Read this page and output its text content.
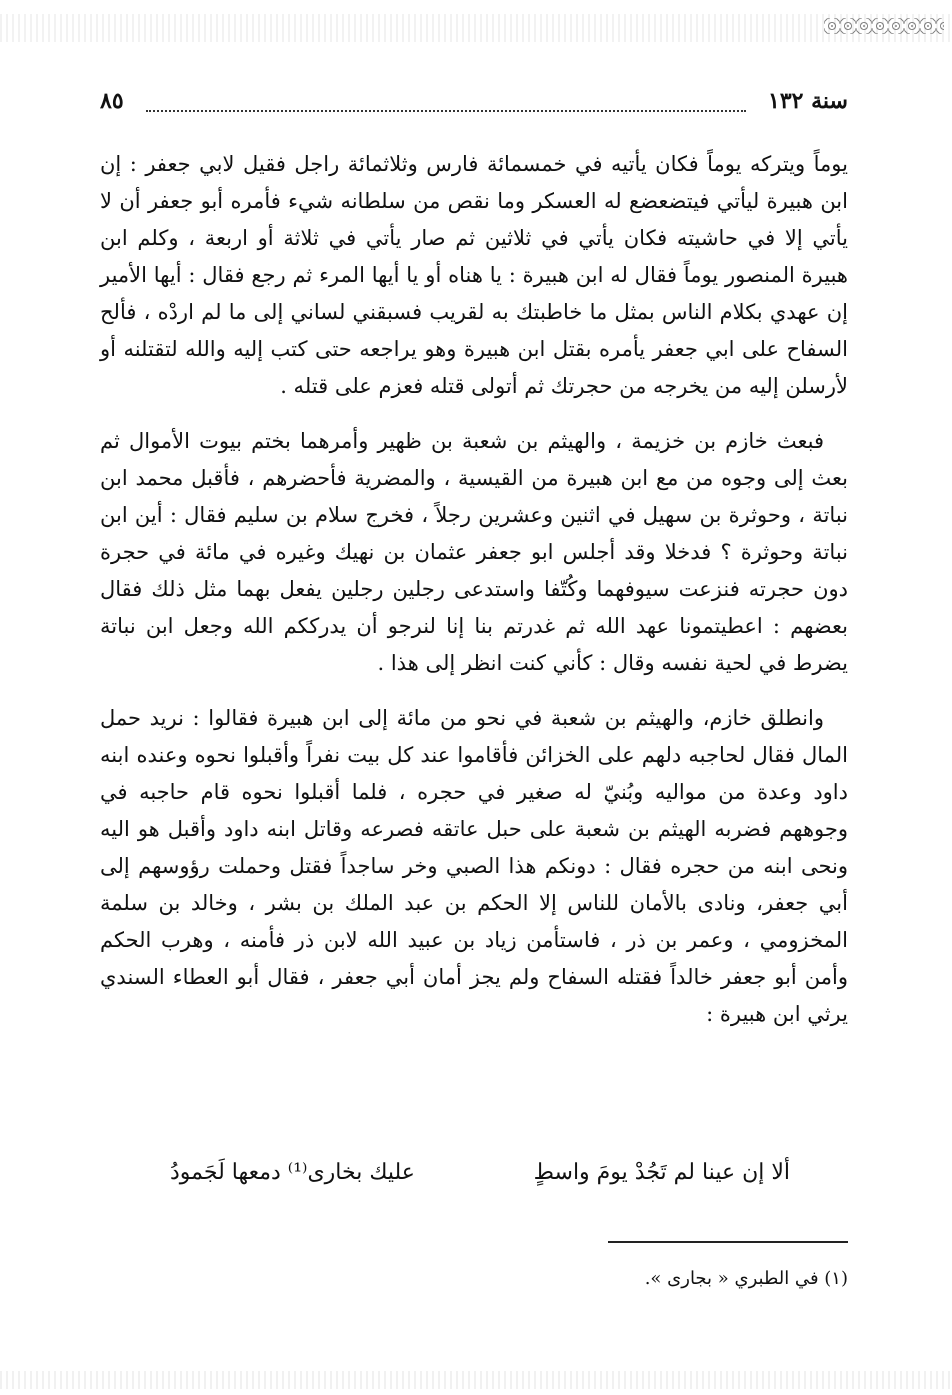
سنة ١٣٢
٨٥

يوماً ويتركه يوماً فكان يأتيه في خمسمائة فارس وثلاثمائة راجل فقيل لابي جعفر : إن ابن هبيرة ليأتي فيتضعضع له العسكر وما نقص من سلطانه شيء فأمره أبو جعفر أن لا يأتي إلا في حاشيته فكان يأتي في ثلاثين ثم صار يأتي في ثلاثة أو اربعة ، وكلم ابن هبيرة المنصور يوماً فقال له ابن هبيرة : يا هناه أو يا أيها المرء ثم رجع فقال : أيها الأمير إن عهدي بكلام الناس بمثل ما خاطبتك به لقريب فسبقني لساني إلى ما لم اردْه ، فألح السفاح على ابي جعفر يأمره بقتل ابن هبيرة وهو يراجعه حتى كتب إليه والله لتقتلنه أو لأرسلن إليه من يخرجه من حجرتك ثم أتولى قتله فعزم على قتله .

فبعث خازم بن خزيمة ، والهيثم بن شعبة بن ظهير وأمرهما بختم بيوت الأموال ثم بعث إلى وجوه من مع ابن هبيرة من القيسية ، والمضرية فأحضرهم ، فأقبل محمد ابن نباتة ، وحوثرة بن سهيل في اثنين وعشرين رجلاً ، فخرج سلام بن سليم فقال : أين ابن نباتة وحوثرة ؟ فدخلا وقد أجلس ابو جعفر عثمان بن نهيك وغيره في مائة في حجرة دون حجرته فنزعت سيوفهما وكُتّفا واستدعى رجلين رجلين يفعل بهما مثل ذلك فقال بعضهم : اعطيتمونا عهد الله ثم غدرتم بنا إنا لنرجو أن يدرككم الله وجعل ابن نباتة يضرط في لحية نفسه وقال : كأني كنت انظر إلى هذا .

وانطلق خازم، والهيثم بن شعبة في نحو من مائة إلى ابن هبيرة فقالوا : نريد حمل المال فقال لحاجبه دلهم على الخزائن فأقاموا عند كل بيت نفراً وأقبلوا نحوه وعنده ابنه داود وعدة من مواليه وبُنيّ له صغير في حجره ، فلما أقبلوا نحوه قام حاجبه في وجوههم فضربه الهيثم بن شعبة على حبل عاتقه فصرعه وقاتل ابنه داود وأقبل هو اليه ونحى ابنه من حجره فقال : دونكم هذا الصبي وخر ساجداً فقتل وحملت رؤوسهم إلى أبي جعفر، ونادى بالأمان للناس إلا الحكم بن عبد الملك بن بشر ، وخالد بن سلمة المخزومي ، وعمر بن ذر ، فاستأمن زياد بن عبيد الله لابن ذر فأمنه ، وهرب الحكم وأمن أبو جعفر خالداً فقتله السفاح ولم يجز أمان أبي جعفر ، فقال أبو العطاء السندي يرثي ابن هبيرة :

ألا إن عينا لم تَجُدْ يومَ واسطٍ
عليك بخارى⁽¹⁾ دمعها لَجَمودُ
(١) في الطبري « بجارى ».
